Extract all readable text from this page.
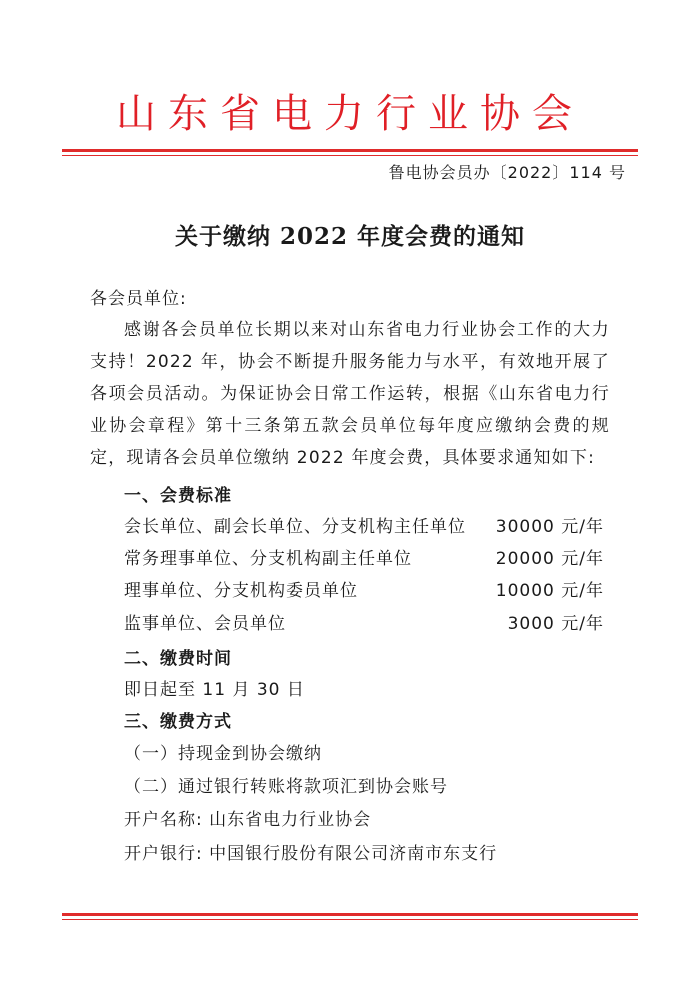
山东省电力行业协会
鲁电协会员办〔2022〕114 号
关于缴纳 2022 年度会费的通知
各会员单位:

感谢各会员单位长期以来对山东省电力行业协会工作的大力支持！2022 年，协会不断提升服务能力与水平，有效地开展了各项会员活动。为保证协会日常工作运转，根据《山东省电力行业协会章程》第十三条第五款会员单位每年度应缴纳会费的规定，现请各会员单位缴纳 2022 年度会费，具体要求通知如下:

一、会费标准
会长单位、副会长单位、分支机构主任单位 30000 元/年
常务理事单位、分支机构副主任单位	20000 元/年
理事单位、分支机构委员单位	10000 元/年
监事单位、会员单位	3000 元/年
二、缴费时间
即日起至 11 月 30 日
三、缴费方式
（一）持现金到协会缴纳
（二）通过银行转账将款项汇到协会账号
开户名称: 山东省电力行业协会
开户银行: 中国银行股份有限公司济南市东支行
